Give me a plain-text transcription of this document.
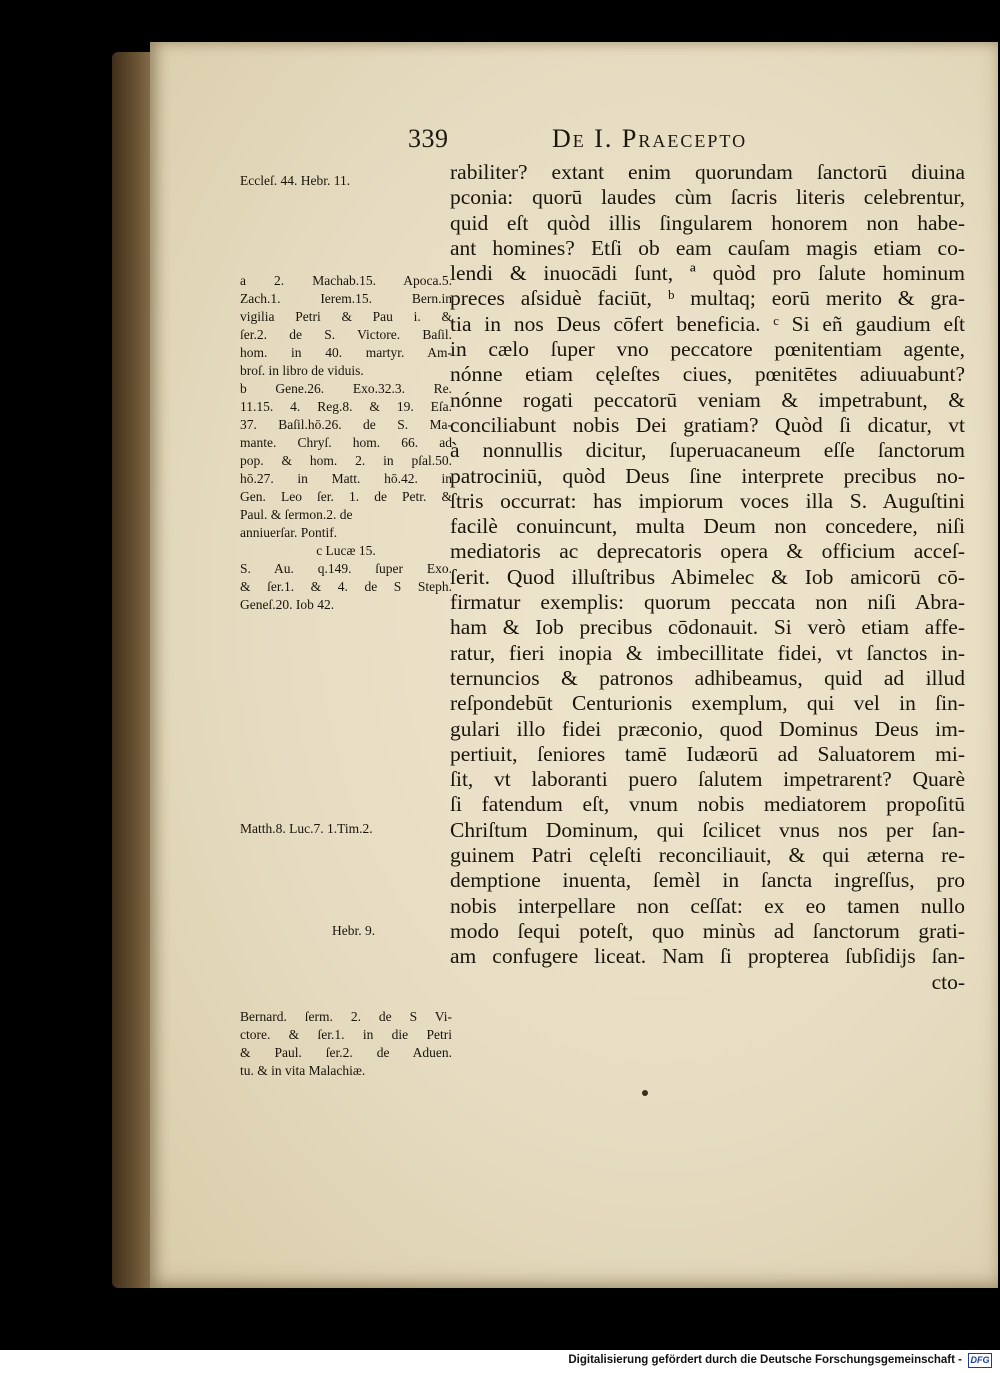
339	De I. Praecepto
rabiliter? extant enim quorundam ſanctorū diuina
pconia: quorū laudes cùm ſacris literis celebrentur,
quid eſt quòd illis ſingularem honorem non habe-
ant homines? Etſi ob eam cauſam magis etiam co-
lendi & inuocādi ſunt, ª quòd pro ſalute hominum
preces aſsiduè faciūt, ᵇ multaq; eorū merito & gra-
tia in nos Deus cōfert beneficia. ᶜ Si eñ gaudium eſt
in cælo ſuper vno peccatore pœnitentiam agente,
nónne etiam cęleſtes ciues, pœnitētes adiuuabunt?
nónne rogati peccatorū veniam & impetrabunt, &
conciliabunt nobis Dei gratiam? Quòd ſi dicatur, vt
à nonnullis dicitur, ſuperuacaneum eſſe ſanctorum
patrociniū, quòd Deus ſine interprete precibus no-
ſtris occurrat: has impiorum voces illa S. Auguſtini
facilè conuincunt, multa Deum non concedere, niſi
mediatoris ac deprecatoris opera & officium acceſ-
ſerit. Quod illuſtribus Abimelec & Iob amicorū cō-
firmatur exemplis: quorum peccata non niſi Abra-
ham & Iob precibus cōdonauit. Si verò etiam affe-
ratur, fieri inopia & imbecillitate fidei, vt ſanctos in-
ternuncios & patronos adhibeamus, quid ad illud
reſpondebūt Centurionis exemplum, qui vel in ſin-
gulari illo fidei præconio, quod Dominus Deus im-
pertiuit, ſeniores tamē Iudæorū ad Saluatorem mi-
ſit, vt laboranti puero ſalutem impetrarent? Quarè
ſi fatendum eſt, vnum nobis mediatorem propoſitū
Chriſtum Dominum, qui ſcilicet vnus nos per ſan-
guinem Patri cęleſti reconciliauit, & qui æterna re-
demptione inuenta, ſemèl in ſancta ingreſſus, pro
nobis interpellare non ceſſat: ex eo tamen nullo
modo ſequi poteſt, quo minùs ad ſanctorum grati-
am confugere liceat. Nam ſi propterea ſubſidijs ſan-
cto-
Eccleſ. 44. Hebr. 11.
a 2. Machab.15. Apoca.5.
Zach.1. Ierem.15. Bern.in
vigilia Petri & Pau i. &
ſer.2. de S. Victore. Baſil.
hom. in 40. martyr. Am-
broſ. in libro de viduis.
b Gene.26. Exo.32.3. Re.
11.15. 4. Reg.8. & 19. Eſa.
37. Baſil.hō.26. de S. Ma-
mante. Chryſ. hom. 66. ad
pop. & hom. 2. in pſal.50.
hō.27. in Matt. hō.42. in
Gen. Leo ſer. 1. de Petr. &
Paul. & ſermon.2. de
anniuerſar. Pontif.
c Lucæ 15.
S. Au. q.149. ſuper Exo.
& ſer.1. & 4. de S Steph.
Geneſ.20. Iob 42.
Matth.8. Luc.7. 1.Tim.2.
Hebr. 9.
Bernard. ſerm. 2. de S Vi-
ctore. & ſer.1. in die Petri
& Paul. ſer.2. de Aduen.
tu. & in vita Malachiæ.
Digitalisierung gefördert durch die Deutsche Forschungsgemeinschaft - DFG
